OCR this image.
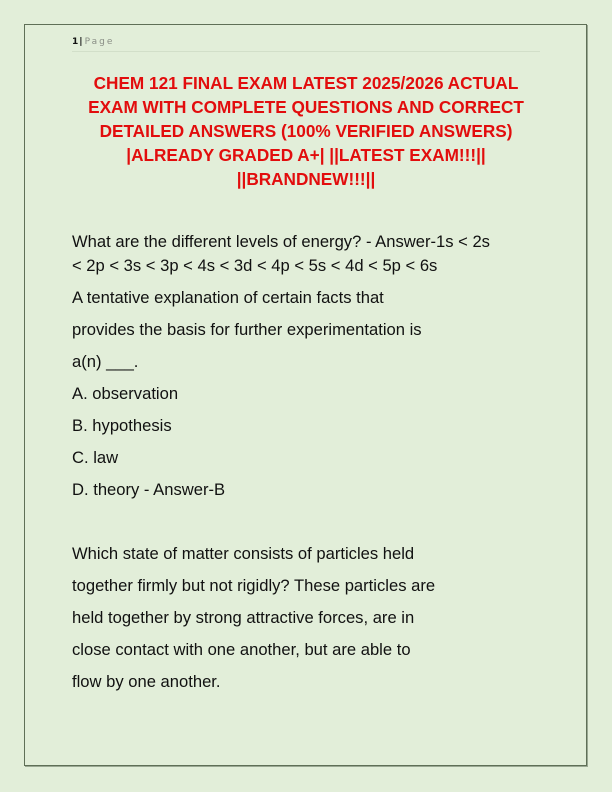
1| Page
CHEM 121 FINAL EXAM LATEST 2025/2026 ACTUAL
EXAM WITH COMPLETE QUESTIONS AND CORRECT
DETAILED ANSWERS (100% VERIFIED ANSWERS)
|ALREADY GRADED A+| ||LATEST EXAM!!!||
||BRANDNEW!!!||
What are the different levels of energy? - Answer-1s < 2s
< 2p < 3s < 3p < 4s < 3d < 4p < 5s < 4d < 5p < 6s
A tentative explanation of certain facts that
provides the basis for further experimentation is
a(n) ___.
A. observation
B. hypothesis
C. law
D. theory - Answer-B
Which state of matter consists of particles held
together firmly but not rigidly? These particles are
held together by strong attractive forces, are in
close contact with one another, but are able to
flow by one another.
